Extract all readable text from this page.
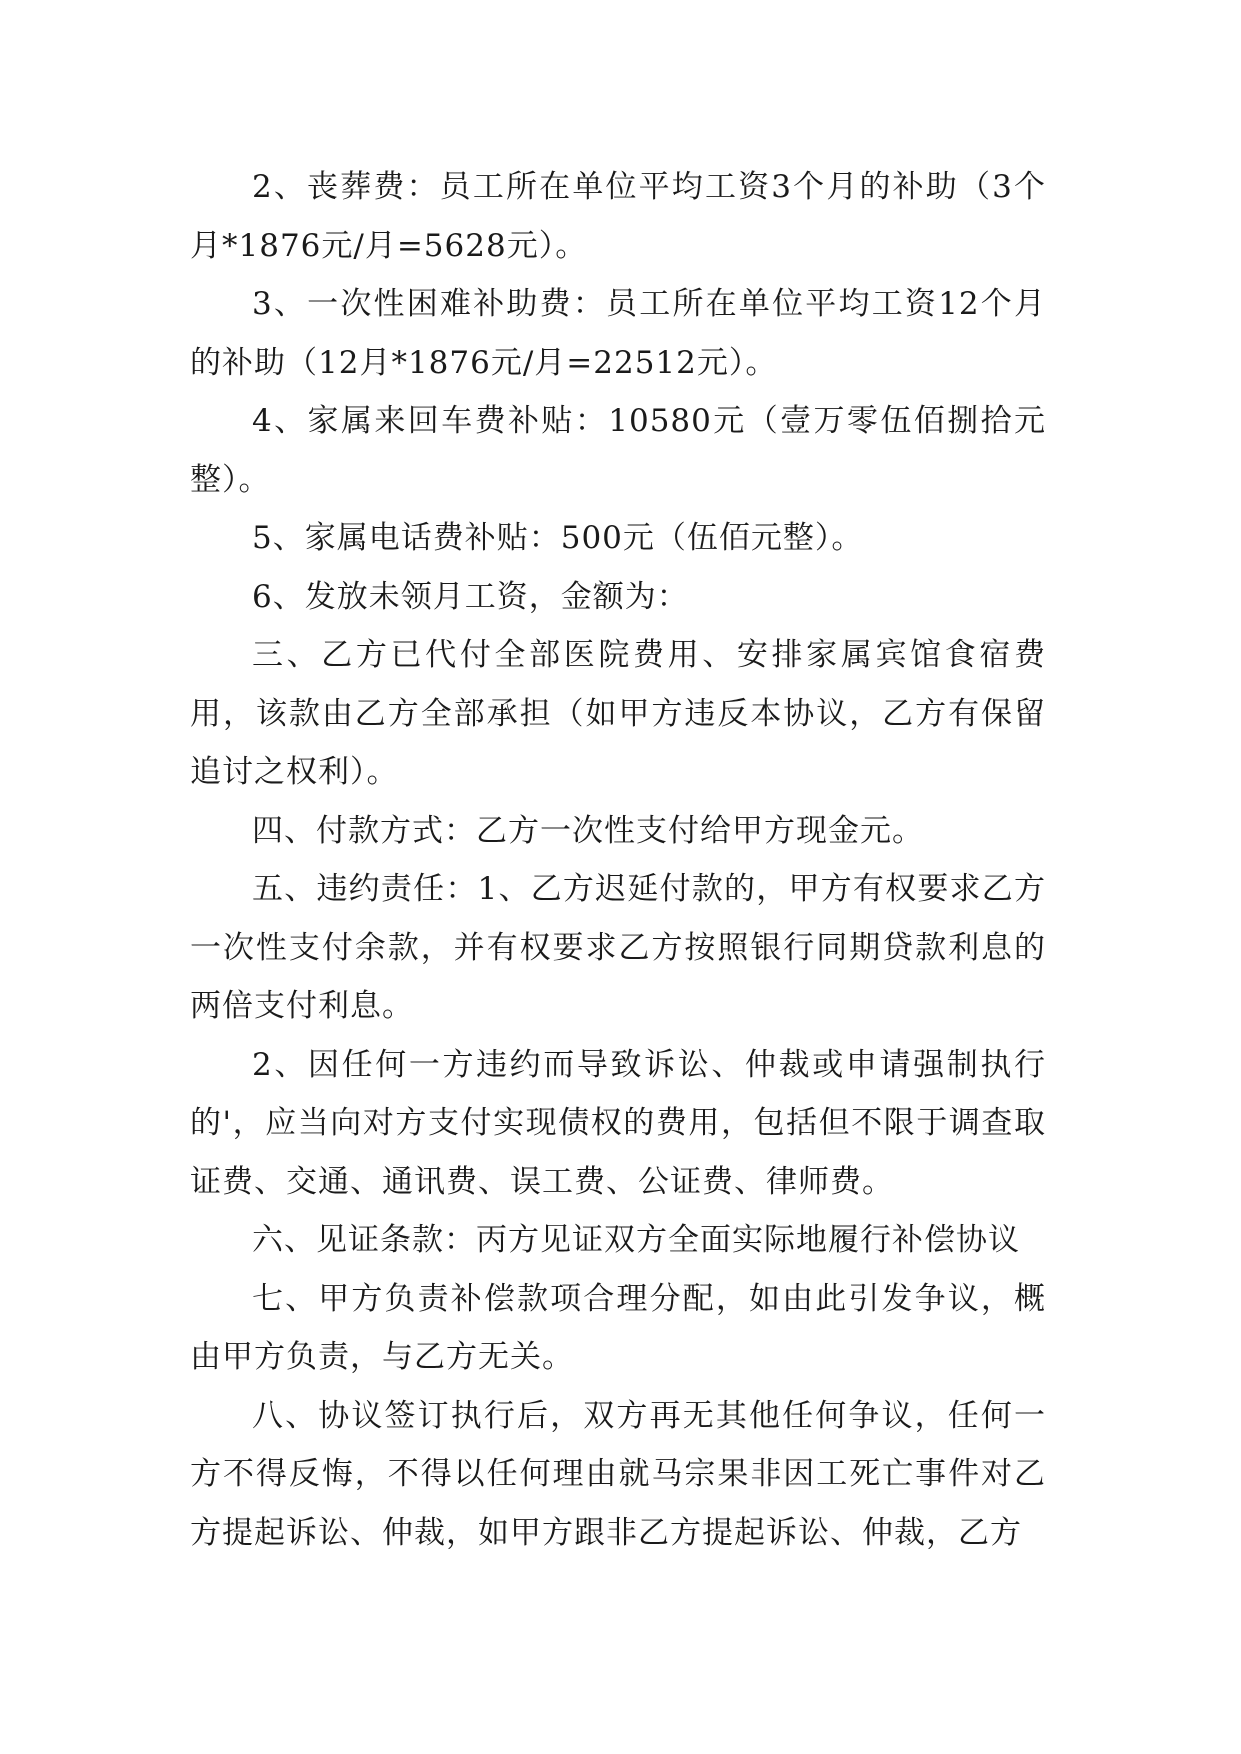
2、丧葬费：员工所在单位平均工资3个月的补助（3个月*1876元/月=5628元）。

3、一次性困难补助费：员工所在单位平均工资12个月的补助（12月*1876元/月=22512元）。

4、家属来回车费补贴：10580元（壹万零伍佰捌拾元整）。

5、家属电话费补贴：500元（伍佰元整）。

6、发放未领月工资，金额为：

三、乙方已代付全部医院费用、安排家属宾馆食宿费用，该款由乙方全部承担（如甲方违反本协议，乙方有保留追讨之权利）。

四、付款方式：乙方一次性支付给甲方现金元。

五、违约责任：1、乙方迟延付款的，甲方有权要求乙方一次性支付余款，并有权要求乙方按照银行同期贷款利息的两倍支付利息。

2、因任何一方违约而导致诉讼、仲裁或申请强制执行的'，应当向对方支付实现债权的费用，包括但不限于调查取证费、交通、通讯费、误工费、公证费、律师费。

六、见证条款：丙方见证双方全面实际地履行补偿协议

七、甲方负责补偿款项合理分配，如由此引发争议，概由甲方负责，与乙方无关。

八、协议签订执行后，双方再无其他任何争议，任何一方不得反悔，不得以任何理由就马宗果非因工死亡事件对乙方提起诉讼、仲裁，如甲方跟非乙方提起诉讼、仲裁，乙方
